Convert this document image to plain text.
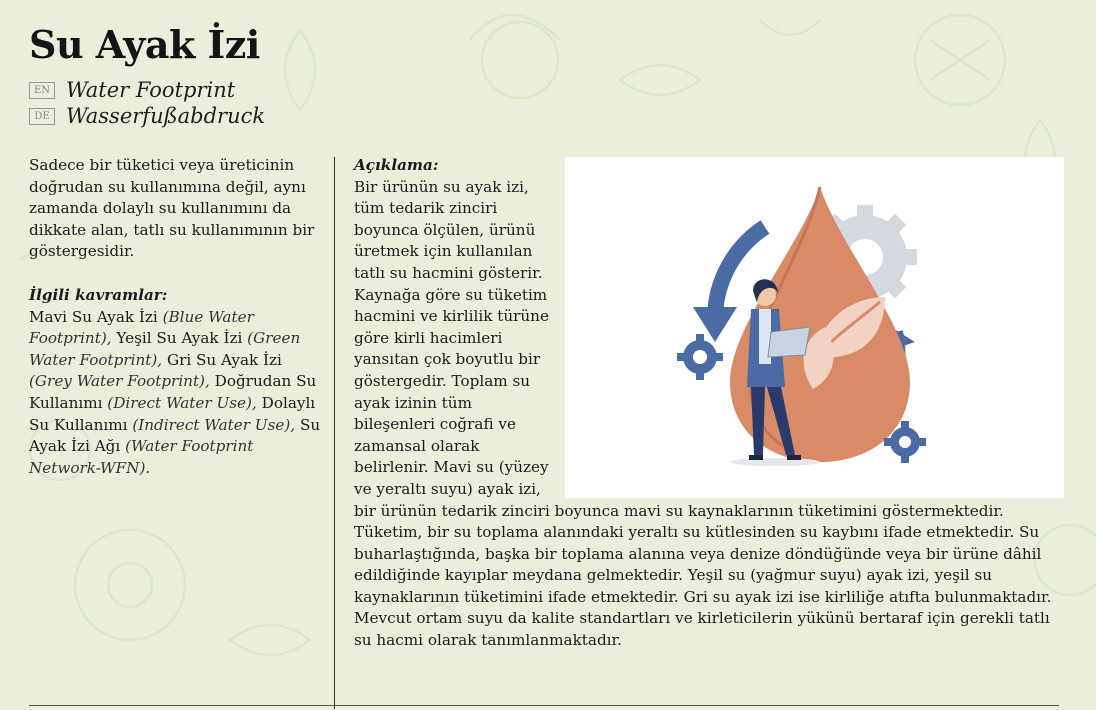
Su Ayak İzi
EN Water Footprint
DE Wasserfußabdruck

Sadece bir tüketici veya üreticinin doğrudan su kullanımına değil, aynı zamanda dolaylı su kullanımını da dikkate alan, tatlı su kullanımının bir göstergesidir.

İlgili kavramlar:

Mavi Su Ayak İzi (Blue Water Footprint), Yeşil Su Ayak İzi (Green Water Footprint), Gri Su Ayak İzi (Grey Water Footprint), Doğrudan Su Kullanımı (Direct Water Use), Dolaylı Su Kullanımı (Indirect Water Use), Su Ayak İzi Ağı (Water Footprint Network-WFN).

Açıklama:

Bir ürünün su ayak izi, tüm tedarik zinciri boyunca ölçülen, ürünü üretmek için kullanılan tatlı su hacmini gösterir. Kaynağa göre su tüketim hacmini ve kirlilik türüne göre kirli hacimleri yansıtan çok boyutlu bir göstergedir. Toplam su ayak izinin tüm bileşenleri coğrafi ve zamansal olarak belirlenir. Mavi su (yüzey ve yeraltı suyu) ayak izi, bir ürünün tedarik zinciri boyunca mavi su kaynaklarının tüketimini göstermektedir. Tüketim, bir su toplama alanındaki yeraltı su kütlesinden su kaybını ifade etmektedir. Su buharlaştığında, başka bir toplama alanına veya denize döndüğünde veya bir ürüne dâhil edildiğinde kayıplar meydana gelmektedir. Yeşil su (yağmur suyu) ayak izi, yeşil su kaynaklarının tüketimini ifade etmektedir. Gri su ayak izi ise kirliliğe atıfta bulunmaktadır. Mevcut ortam suyu da kalite standartları ve kirleticilerin yükünü bertaraf için gerekli tatlı su hacmi olarak tanımlanmaktadır.
